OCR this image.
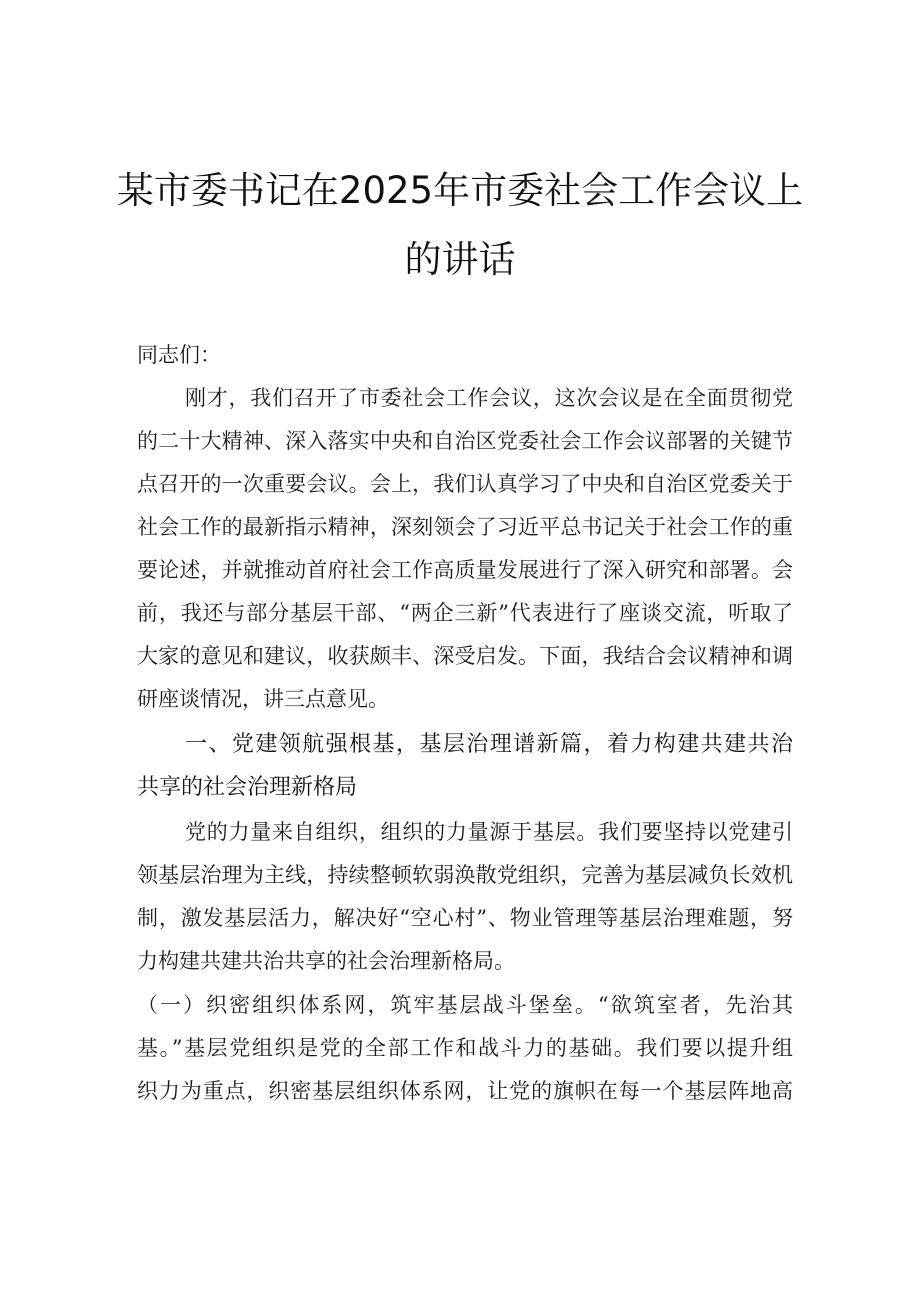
某市委书记在2025年市委社会工作会议上
的讲话
同志们：
刚才，我们召开了市委社会工作会议，这次会议是在全面贯彻党
的二十大精神、深入落实中央和自治区党委社会工作会议部署的关键节
点召开的一次重要会议。会上，我们认真学习了中央和自治区党委关于
社会工作的最新指示精神，深刻领会了习近平总书记关于社会工作的重
要论述，并就推动首府社会工作高质量发展进行了深入研究和部署。会
前，我还与部分基层干部、“两企三新”代表进行了座谈交流，听取了
大家的意见和建议，收获颇丰、深受启发。下面，我结合会议精神和调
研座谈情况，讲三点意见。
一、党建领航强根基，基层治理谱新篇，着力构建共建共治
共享的社会治理新格局
党的力量来自组织，组织的力量源于基层。我们要坚持以党建引
领基层治理为主线，持续整顿软弱涣散党组织，完善为基层减负长效机
制，激发基层活力，解决好“空心村”、物业管理等基层治理难题，努
力构建共建共治共享的社会治理新格局。
（一）织密组织体系网，筑牢基层战斗堡垒。“欲筑室者，先治其
基。”基层党组织是党的全部工作和战斗力的基础。我们要以提升组
织力为重点，织密基层组织体系网，让党的旗帜在每一个基层阵地高
